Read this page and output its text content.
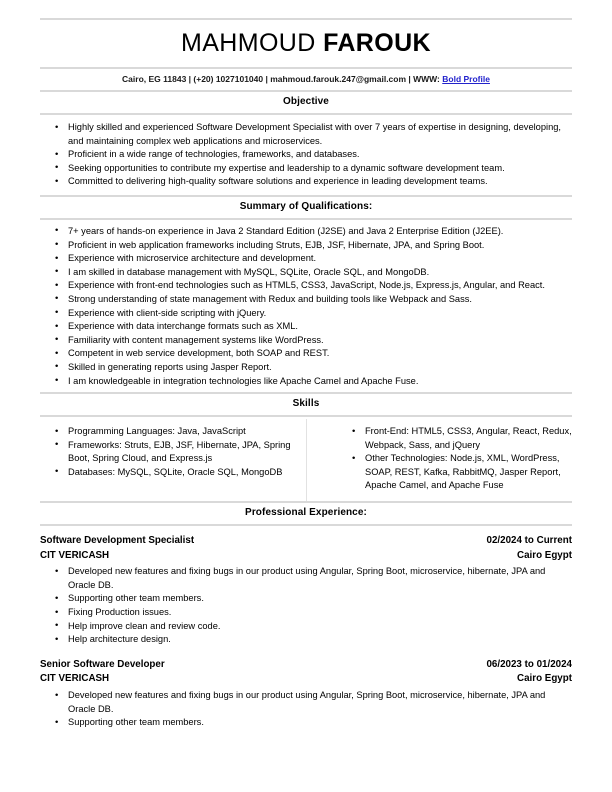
MAHMOUD FAROUK
Cairo, EG 11843 | (+20) 1027101040 | mahmoud.farouk.247@gmail.com | WWW: Bold Profile
Objective
• Highly skilled and experienced Software Development Specialist with over 7 years of expertise in designing, developing, and maintaining complex web applications and microservices.
• Proficient in a wide range of technologies, frameworks, and databases.
• Seeking opportunities to contribute my expertise and leadership to a dynamic software development team.
• Committed to delivering high-quality software solutions and experience in leading development teams.
Summary of Qualifications:
• 7+ years of hands-on experience in Java 2 Standard Edition (J2SE) and Java 2 Enterprise Edition (J2EE).
• Proficient in web application frameworks including Struts, EJB, JSF, Hibernate, JPA, and Spring Boot.
• Experience with microservice architecture and development.
• I am skilled in database management with MySQL, SQLite, Oracle SQL, and MongoDB.
• Experience with front-end technologies such as HTML5, CSS3, JavaScript, Node.js, Express.js, Angular, and React.
• Strong understanding of state management with Redux and building tools like Webpack and Sass.
• Experience with client-side scripting with jQuery.
• Experience with data interchange formats such as XML.
• Familiarity with content management systems like WordPress.
• Competent in web service development, both SOAP and REST.
• Skilled in generating reports using Jasper Report.
• I am knowledgeable in integration technologies like Apache Camel and Apache Fuse.
Skills
• Programming Languages: Java, JavaScript
• Frameworks: Struts, EJB, JSF, Hibernate, JPA, Spring Boot, Spring Cloud, and Express.js
• Databases: MySQL, SQLite, Oracle SQL, MongoDB
• Front-End: HTML5, CSS3, Angular, React, Redux, Webpack, Sass, and jQuery
• Other Technologies: Node.js, XML, WordPress, SOAP, REST, Kafka, RabbitMQ, Jasper Report, Apache Camel, and Apache Fuse
Professional Experience:
Software Development Specialist	02/2024 to Current
CIT VERICASH	Cairo Egypt
• Developed new features and fixing bugs in our product using Angular, Spring Boot, microservice, hibernate, JPA and Oracle DB.
• Supporting other team members.
• Fixing Production issues.
• Help improve clean and review code.
• Help architecture design.
Senior Software Developer	06/2023 to 01/2024
CIT VERICASH	Cairo Egypt
• Developed new features and fixing bugs in our product using Angular, Spring Boot, microservice, hibernate, JPA and Oracle DB.
• Supporting other team members.
